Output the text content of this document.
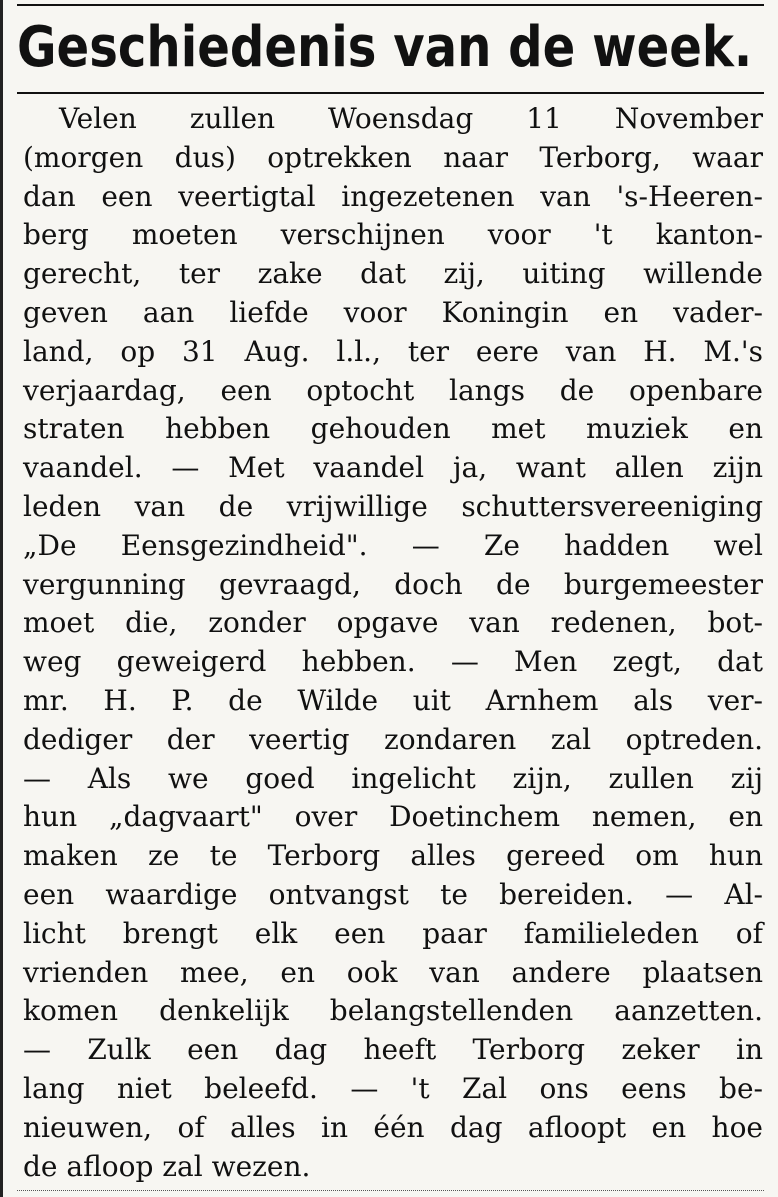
Geschiedenis van de week.
Velen zullen Woensdag 11 November
(morgen dus) optrekken naar Terborg, waar
dan een veertigtal ingezetenen van 's-Heeren-
berg moeten verschijnen voor 't kanton-
gerecht, ter zake dat zij, uiting willende
geven aan liefde voor Koningin en vader-
land, op 31 Aug. l.l., ter eere van H. M.'s
verjaardag, een optocht langs de openbare
straten hebben gehouden met muziek en
vaandel. — Met vaandel ja, want allen zijn
leden van de vrijwillige schuttersvereeniging
„De Eensgezindheid". — Ze hadden wel
vergunning gevraagd, doch de burgemeester
moet die, zonder opgave van redenen, bot-
weg geweigerd hebben. — Men zegt, dat
mr. H. P. de Wilde uit Arnhem als ver-
dediger der veertig zondaren zal optreden.
— Als we goed ingelicht zijn, zullen zij
hun „dagvaart" over Doetinchem nemen, en
maken ze te Terborg alles gereed om hun
een waardige ontvangst te bereiden. — Al-
licht brengt elk een paar familieleden of
vrienden mee, en ook van andere plaatsen
komen denkelijk belangstellenden aanzetten.
— Zulk een dag heeft Terborg zeker in
lang niet beleefd. — 't Zal ons eens be-
nieuwen, of alles in één dag afloopt en hoe
de afloop zal wezen.
